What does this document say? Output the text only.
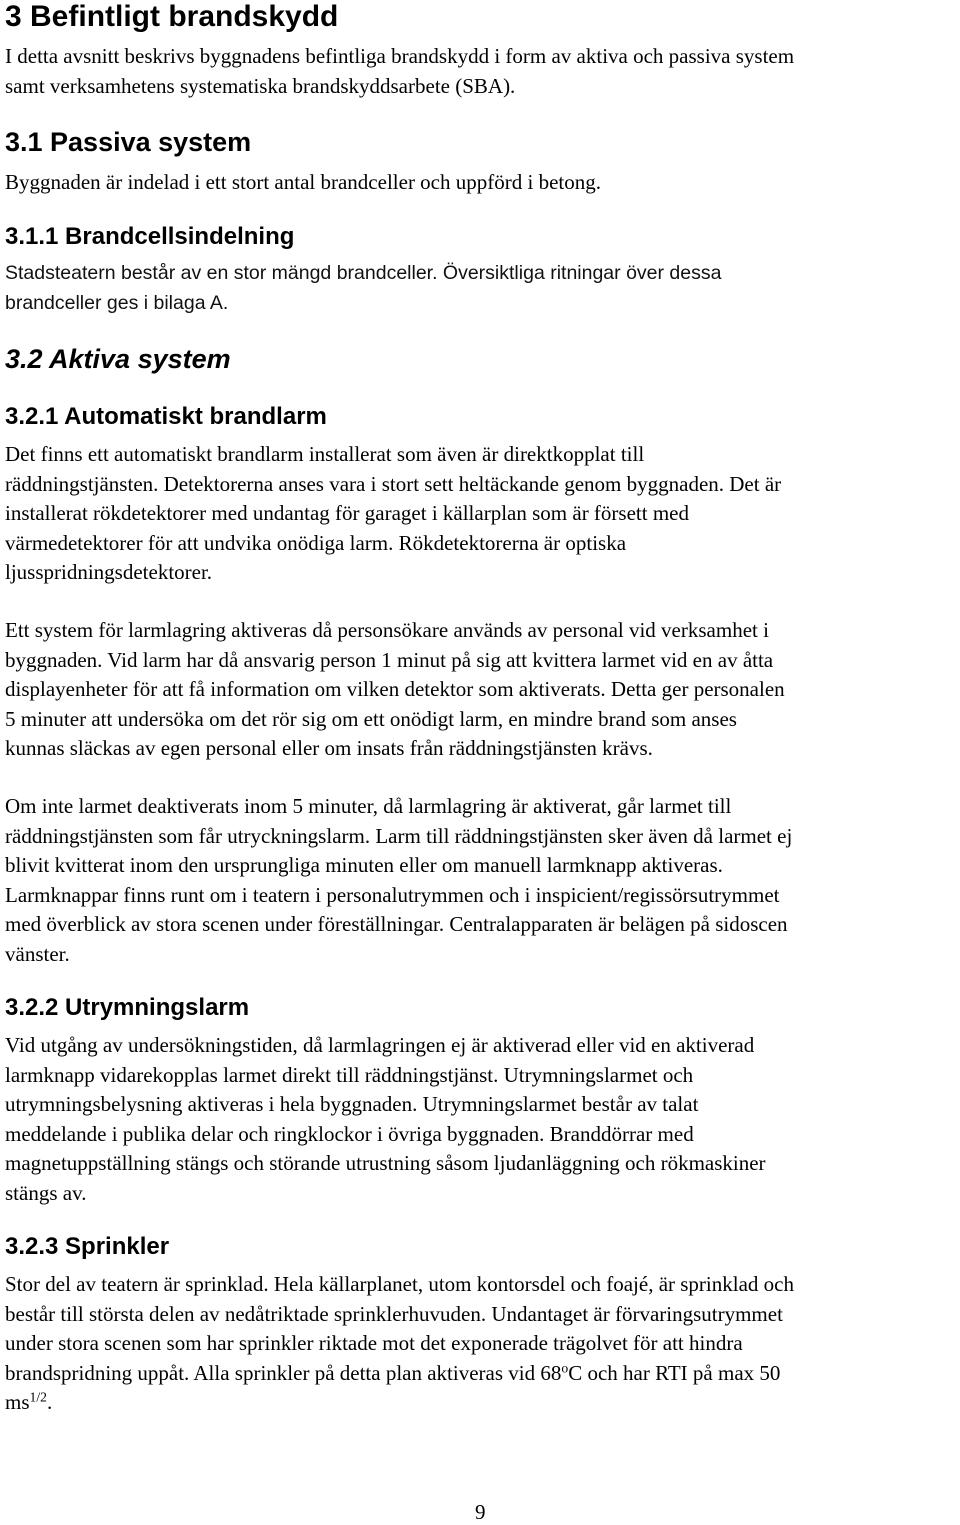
3 Befintligt brandskydd
I detta avsnitt beskrivs byggnadens befintliga brandskydd i form av aktiva och passiva system
samt verksamhetens systematiska brandskyddsarbete (SBA).
3.1 Passiva system
Byggnaden är indelad i ett stort antal brandceller och uppförd i betong.
3.1.1 Brandcellsindelning
Stadsteatern består av en stor mängd brandceller. Översiktliga ritningar över dessa
brandceller ges i bilaga A.
3.2 Aktiva system
3.2.1 Automatiskt brandlarm
Det finns ett automatiskt brandlarm installerat som även är direktkopplat till
räddningstjänsten. Detektorerna anses vara i stort sett heltäckande genom byggnaden. Det är
installerat rökdetektorer med undantag för garaget i källarplan som är försett med
värmedetektorer för att undvika onödiga larm. Rökdetektorerna är optiska
ljusspridningsdetektorer.
Ett system för larmlagring aktiveras då personsökare används av personal vid verksamhet i
byggnaden. Vid larm har då ansvarig person 1 minut på sig att kvittera larmet vid en av åtta
displayenheter för att få information om vilken detektor som aktiverats. Detta ger personalen
5 minuter att undersöka om det rör sig om ett onödigt larm, en mindre brand som anses
kunnas släckas av egen personal eller om insats från räddningstjänsten krävs.
Om inte larmet deaktiverats inom 5 minuter, då larmlagring är aktiverat, går larmet till
räddningstjänsten som får utryckningslarm. Larm till räddningstjänsten sker även då larmet ej
blivit kvitterat inom den ursprungliga minuten eller om manuell larmknapp aktiveras.
Larmknappar finns runt om i teatern i personalutrymmen och i inspicient/regissörsutrymmet
med överblick av stora scenen under föreställningar. Centralapparaten är belägen på sidoscen
vänster.
3.2.2 Utrymningslarm
Vid utgång av undersökningstiden, då larmlagringen ej är aktiverad eller vid en aktiverad
larmknapp vidarekopplas larmet direkt till räddningstjänst. Utrymningslarmet och
utrymningsbelysning aktiveras i hela byggnaden. Utrymningslarmet består av talat
meddelande i publika delar och ringklockor i övriga byggnaden. Branddörrar med
magnetuppställning stängs och störande utrustning såsom ljudanläggning och rökmaskiner
stängs av.
3.2.3 Sprinkler
Stor del av teatern är sprinklad. Hela källarplanet, utom kontorsdel och foajé, är sprinklad och
består till största delen av nedåtriktade sprinklerhuvuden. Undantaget är förvaringsutrymmet
under stora scenen som har sprinkler riktade mot det exponerade trägolvet för att hindra
brandspridning uppåt. Alla sprinkler på detta plan aktiveras vid 68$^o$C och har RTI på max 50
$ms^{1/2}$.
9
